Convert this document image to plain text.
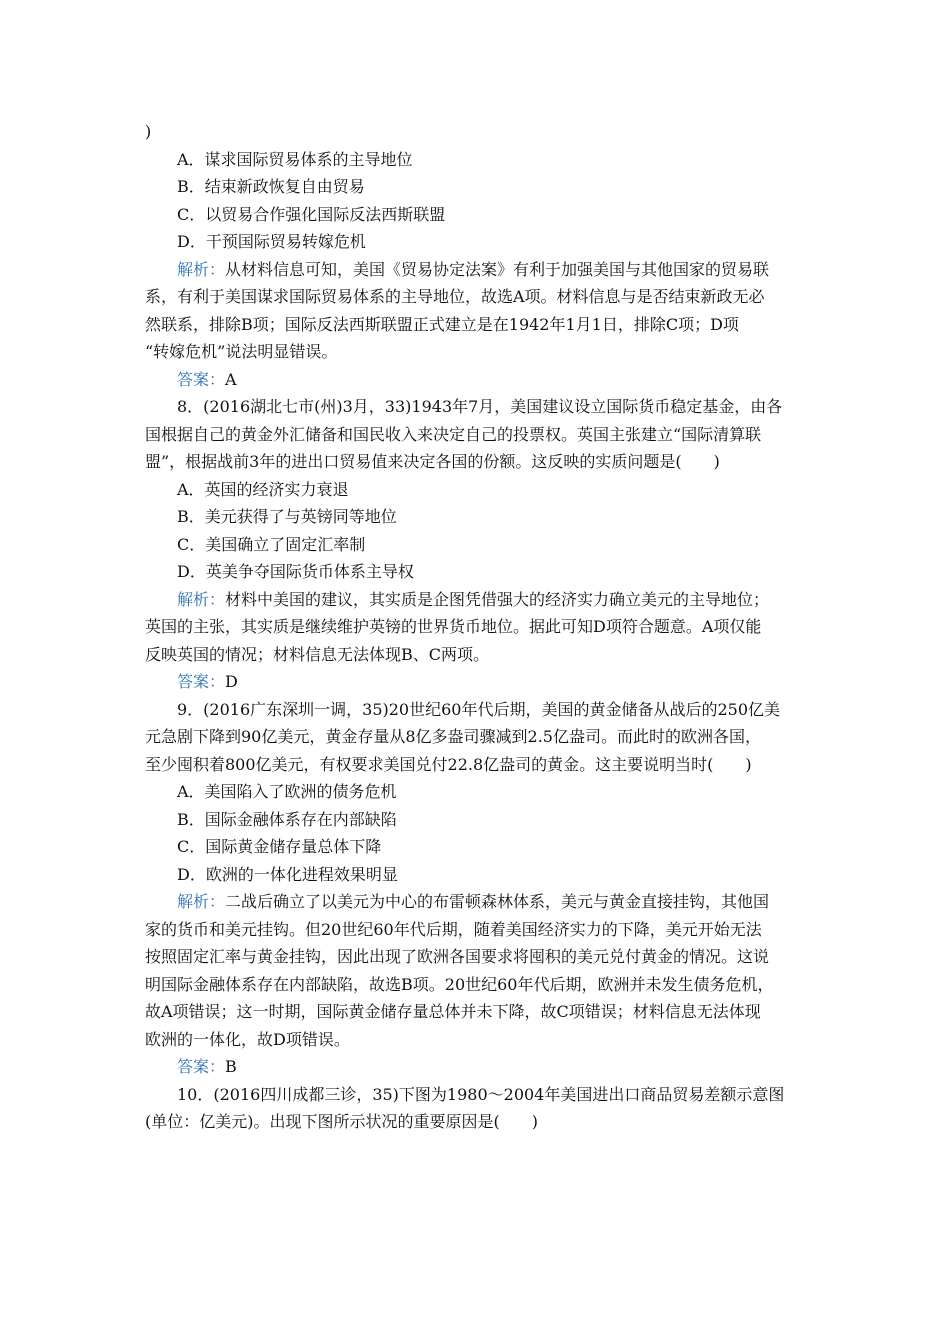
)
A．谋求国际贸易体系的主导地位
B．结束新政恢复自由贸易
C．以贸易合作强化国际反法西斯联盟
D．干预国际贸易转嫁危机
解析：从材料信息可知，美国《贸易协定法案》有利于加强美国与其他国家的贸易联
系，有利于美国谋求国际贸易体系的主导地位，故选A项。材料信息与是否结束新政无必
然联系，排除B项；国际反法西斯联盟正式建立是在1942年1月1日，排除C项；D项
“转嫁危机”说法明显错误。
答案：A
8．(2016湖北七市(州)3月，33)1943年7月，美国建议设立国际货币稳定基金，由各
国根据自己的黄金外汇储备和国民收入来决定自己的投票权。英国主张建立“国际清算联
盟”，根据战前3年的进出口贸易值来决定各国的份额。这反映的实质问题是(　　)
A．英国的经济实力衰退
B．美元获得了与英镑同等地位
C．美国确立了固定汇率制
D．英美争夺国际货币体系主导权
解析：材料中美国的建议，其实质是企图凭借强大的经济实力确立美元的主导地位；
英国的主张，其实质是继续维护英镑的世界货币地位。据此可知D项符合题意。A项仅能
反映英国的情况；材料信息无法体现B、C两项。
答案：D
9．(2016广东深圳一调，35)20世纪60年代后期，美国的黄金储备从战后的250亿美
元急剧下降到90亿美元，黄金存量从8亿多盎司骤减到2.5亿盎司。而此时的欧洲各国，
至少囤积着800亿美元，有权要求美国兑付22.8亿盎司的黄金。这主要说明当时(　　)
A．美国陷入了欧洲的债务危机
B．国际金融体系存在内部缺陷
C．国际黄金储存量总体下降
D．欧洲的一体化进程效果明显
解析：二战后确立了以美元为中心的布雷顿森林体系，美元与黄金直接挂钩，其他国
家的货币和美元挂钩。但20世纪60年代后期，随着美国经济实力的下降，美元开始无法
按照固定汇率与黄金挂钩，因此出现了欧洲各国要求将囤积的美元兑付黄金的情况。这说
明国际金融体系存在内部缺陷，故选B项。20世纪60年代后期，欧洲并未发生债务危机，
故A项错误；这一时期，国际黄金储存量总体并未下降，故C项错误；材料信息无法体现
欧洲的一体化，故D项错误。
答案：B
10．(2016四川成都三诊，35)下图为1980～2004年美国进出口商品贸易差额示意图
(单位：亿美元)。出现下图所示状况的重要原因是(　　)
